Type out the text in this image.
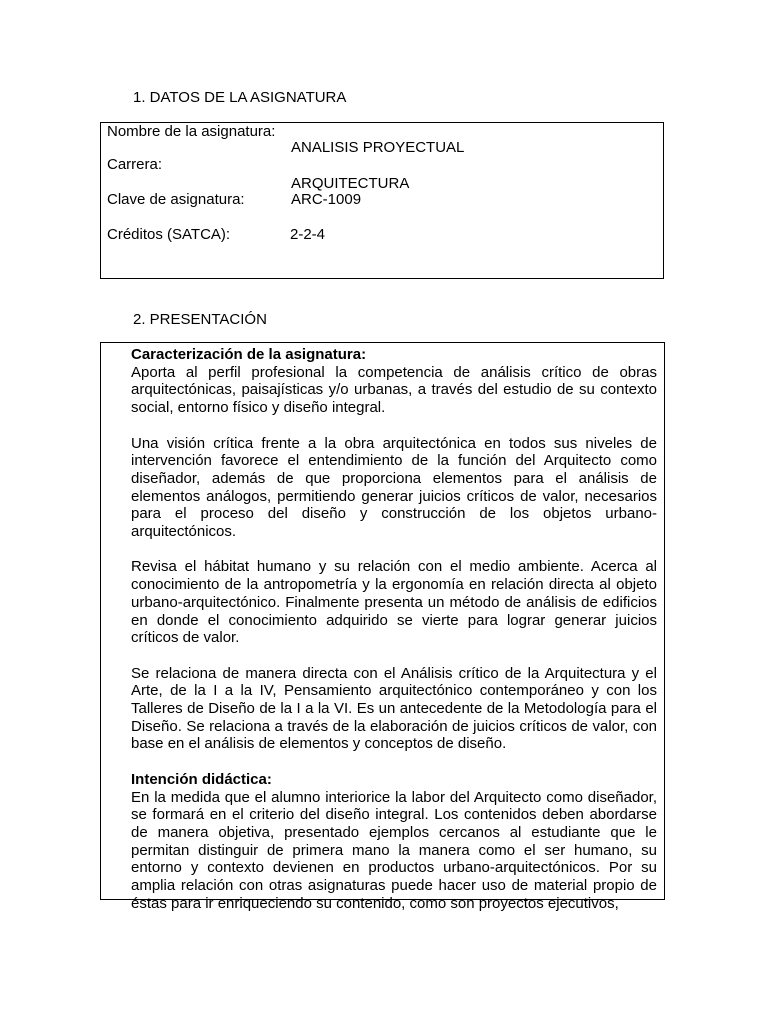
1. DATOS DE LA ASIGNATURA
Nombre de la asignatura:
ANALISIS PROYECTUAL
Carrera:
ARQUITECTURA
Clave de asignatura:	ARC-1009
Créditos (SATCA):	2-2-4
2. PRESENTACIÓN

Caracterización de la asignatura:

Aporta al perfil profesional la competencia de análisis crítico de obras arquitectónicas, paisajísticas y/o urbanas, a través del estudio de su contexto social, entorno físico y diseño integral.

Una visión crítica frente a la obra arquitectónica en todos sus niveles de intervención favorece el entendimiento de la función del Arquitecto como diseñador, además de que proporciona elementos para el análisis de elementos análogos, permitiendo generar juicios críticos de valor, necesarios para el proceso del diseño y construcción de los objetos urbano-arquitectónicos.

Revisa el hábitat humano y su relación con el medio ambiente. Acerca al conocimiento de la antropometría y la ergonomía en relación directa al objeto urbano-arquitectónico. Finalmente presenta un método de análisis de edificios en donde el conocimiento adquirido se vierte para lograr generar juicios críticos de valor.

Se relaciona de manera directa con el Análisis crítico de la Arquitectura y el Arte, de la I a la IV, Pensamiento arquitectónico contemporáneo y con los Talleres de Diseño de la I a la VI. Es un antecedente de la Metodología para el Diseño. Se relaciona a través de la elaboración de juicios críticos de valor, con base en el análisis de elementos y conceptos de diseño.

Intención didáctica:

En la medida que el alumno interiorice la labor del Arquitecto como diseñador, se formará en el criterio del diseño integral. Los contenidos deben abordarse de manera objetiva, presentado ejemplos cercanos al estudiante que le permitan distinguir de primera mano la manera como el ser humano, su entorno y contexto devienen en productos urbano-arquitectónicos. Por su amplia relación con otras asignaturas puede hacer uso de material propio de éstas para ir enriqueciendo su contenido, como son proyectos ejecutivos,
